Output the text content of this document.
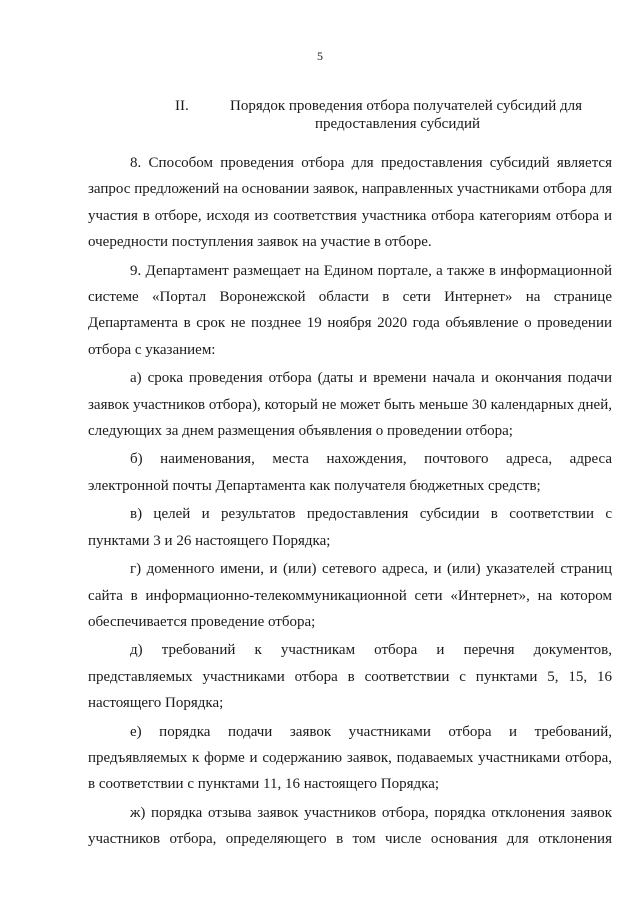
5
II.	Порядок проведения отбора получателей субсидий для
предоставления субсидий

8. Способом проведения отбора для предоставления субсидий является запрос предложений на основании заявок, направленных участниками отбора для участия в отборе, исходя из соответствия участника отбора категориям отбора и очередности поступления заявок на участие в отборе.

9. Департамент размещает на Едином портале, а также в информационной системе «Портал Воронежской области в сети Интернет» на странице Департамента в срок не позднее 19 ноября 2020 года объявление о проведении отбора с указанием:

а) срока проведения отбора (даты и времени начала и окончания подачи заявок участников отбора), который не может быть меньше 30 календарных дней, следующих за днем размещения объявления о проведении отбора;

б) наименования, места нахождения, почтового адреса, адреса электронной почты Департамента как получателя бюджетных средств;

в) целей и результатов предоставления субсидии в соответствии с пунктами 3 и 26 настоящего Порядка;

г) доменного имени, и (или) сетевого адреса, и (или) указателей страниц сайта в информационно-телекоммуникационной сети «Интернет», на котором обеспечивается проведение отбора;

д) требований к участникам отбора и перечня документов, представляемых участниками отбора в соответствии с пунктами 5, 15, 16 настоящего Порядка;

е) порядка подачи заявок участниками отбора и требований, предъявляемых к форме и содержанию заявок, подаваемых участниками отбора, в соответствии с пунктами 11, 16 настоящего Порядка;

ж) порядка отзыва заявок участников отбора, порядка отклонения заявок участников отбора, определяющего в том числе основания для отклонения
